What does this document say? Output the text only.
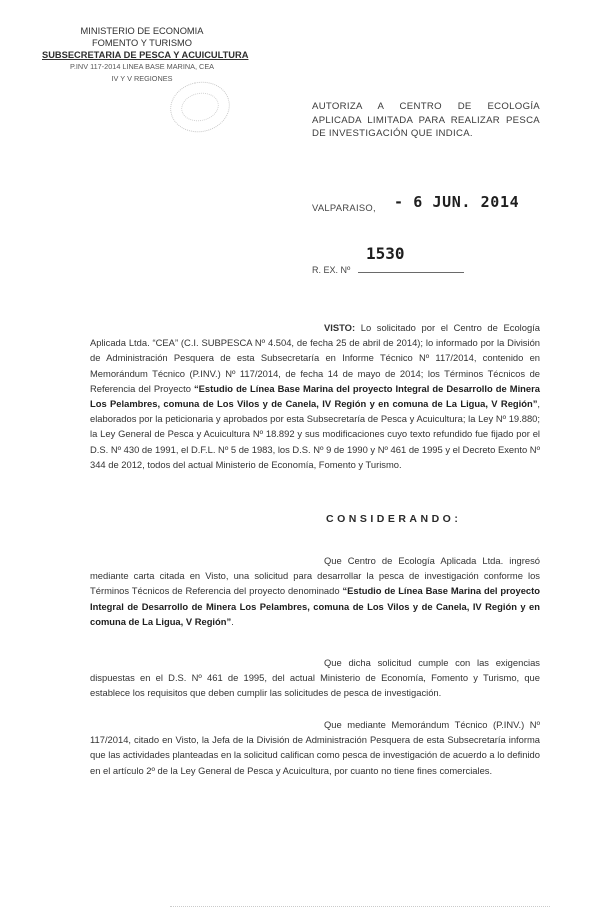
MINISTERIO DE ECONOMIA
FOMENTO Y TURISMO
SUBSECRETARIA DE PESCA Y ACUICULTURA
P.INV 117-2014 LINEA BASE MARINA, CEA
IV Y V REGIONES
AUTORIZA A CENTRO DE ECOLOGÍA APLICADA LIMITADA PARA REALIZAR PESCA DE INVESTIGACIÓN QUE INDICA.
VALPARAISO, - 6 JUN. 2014
R. EX. Nº
1530
VISTO: Lo solicitado por el Centro de Ecología Aplicada Ltda. “CEA” (C.I. SUBPESCA Nº 4.504, de fecha 25 de abril de 2014); lo informado por la División de Administración Pesquera de esta Subsecretaría en Informe Técnico Nº 117/2014, contenido en Memorándum Técnico (P.INV.) Nº 117/2014, de fecha 14 de mayo de 2014; los Términos Técnicos de Referencia del Proyecto “Estudio de Línea Base Marina del proyecto Integral de Desarrollo de Minera Los Pelambres, comuna de Los Vilos y de Canela, IV Región y en comuna de La Ligua, V Región”, elaborados por la peticionaria y aprobados por esta Subsecretaría de Pesca y Acuicultura; la Ley Nº 19.880; la Ley General de Pesca y Acuicultura Nº 18.892 y sus modificaciones cuyo texto refundido fue fijado por el D.S. Nº 430 de 1991, el D.F.L. Nº 5 de 1983, los D.S. Nº 9 de 1990 y Nº 461 de 1995 y el Decreto Exento Nº 344 de 2012, todos del actual Ministerio de Economía, Fomento y Turismo.
CONSIDERANDO:
Que Centro de Ecología Aplicada Ltda. ingresó mediante carta citada en Visto, una solicitud para desarrollar la pesca de investigación conforme los Términos Técnicos de Referencia del proyecto denominado “Estudio de Línea Base Marina del proyecto Integral de Desarrollo de Minera Los Pelambres, comuna de Los Vilos y de Canela, IV Región y en comuna de La Ligua, V Región”.
Que dicha solicitud cumple con las exigencias dispuestas en el D.S. Nº 461 de 1995, del actual Ministerio de Economía, Fomento y Turismo, que establece los requisitos que deben cumplir las solicitudes de pesca de investigación.
Que mediante Memorándum Técnico (P.INV.) Nº 117/2014, citado en Visto, la Jefa de la División de Administración Pesquera de esta Subsecretaría informa que las actividades planteadas en la solicitud califican como pesca de investigación de acuerdo a lo definido en el artículo 2º de la Ley General de Pesca y Acuicultura, por cuanto no tiene fines comerciales.
